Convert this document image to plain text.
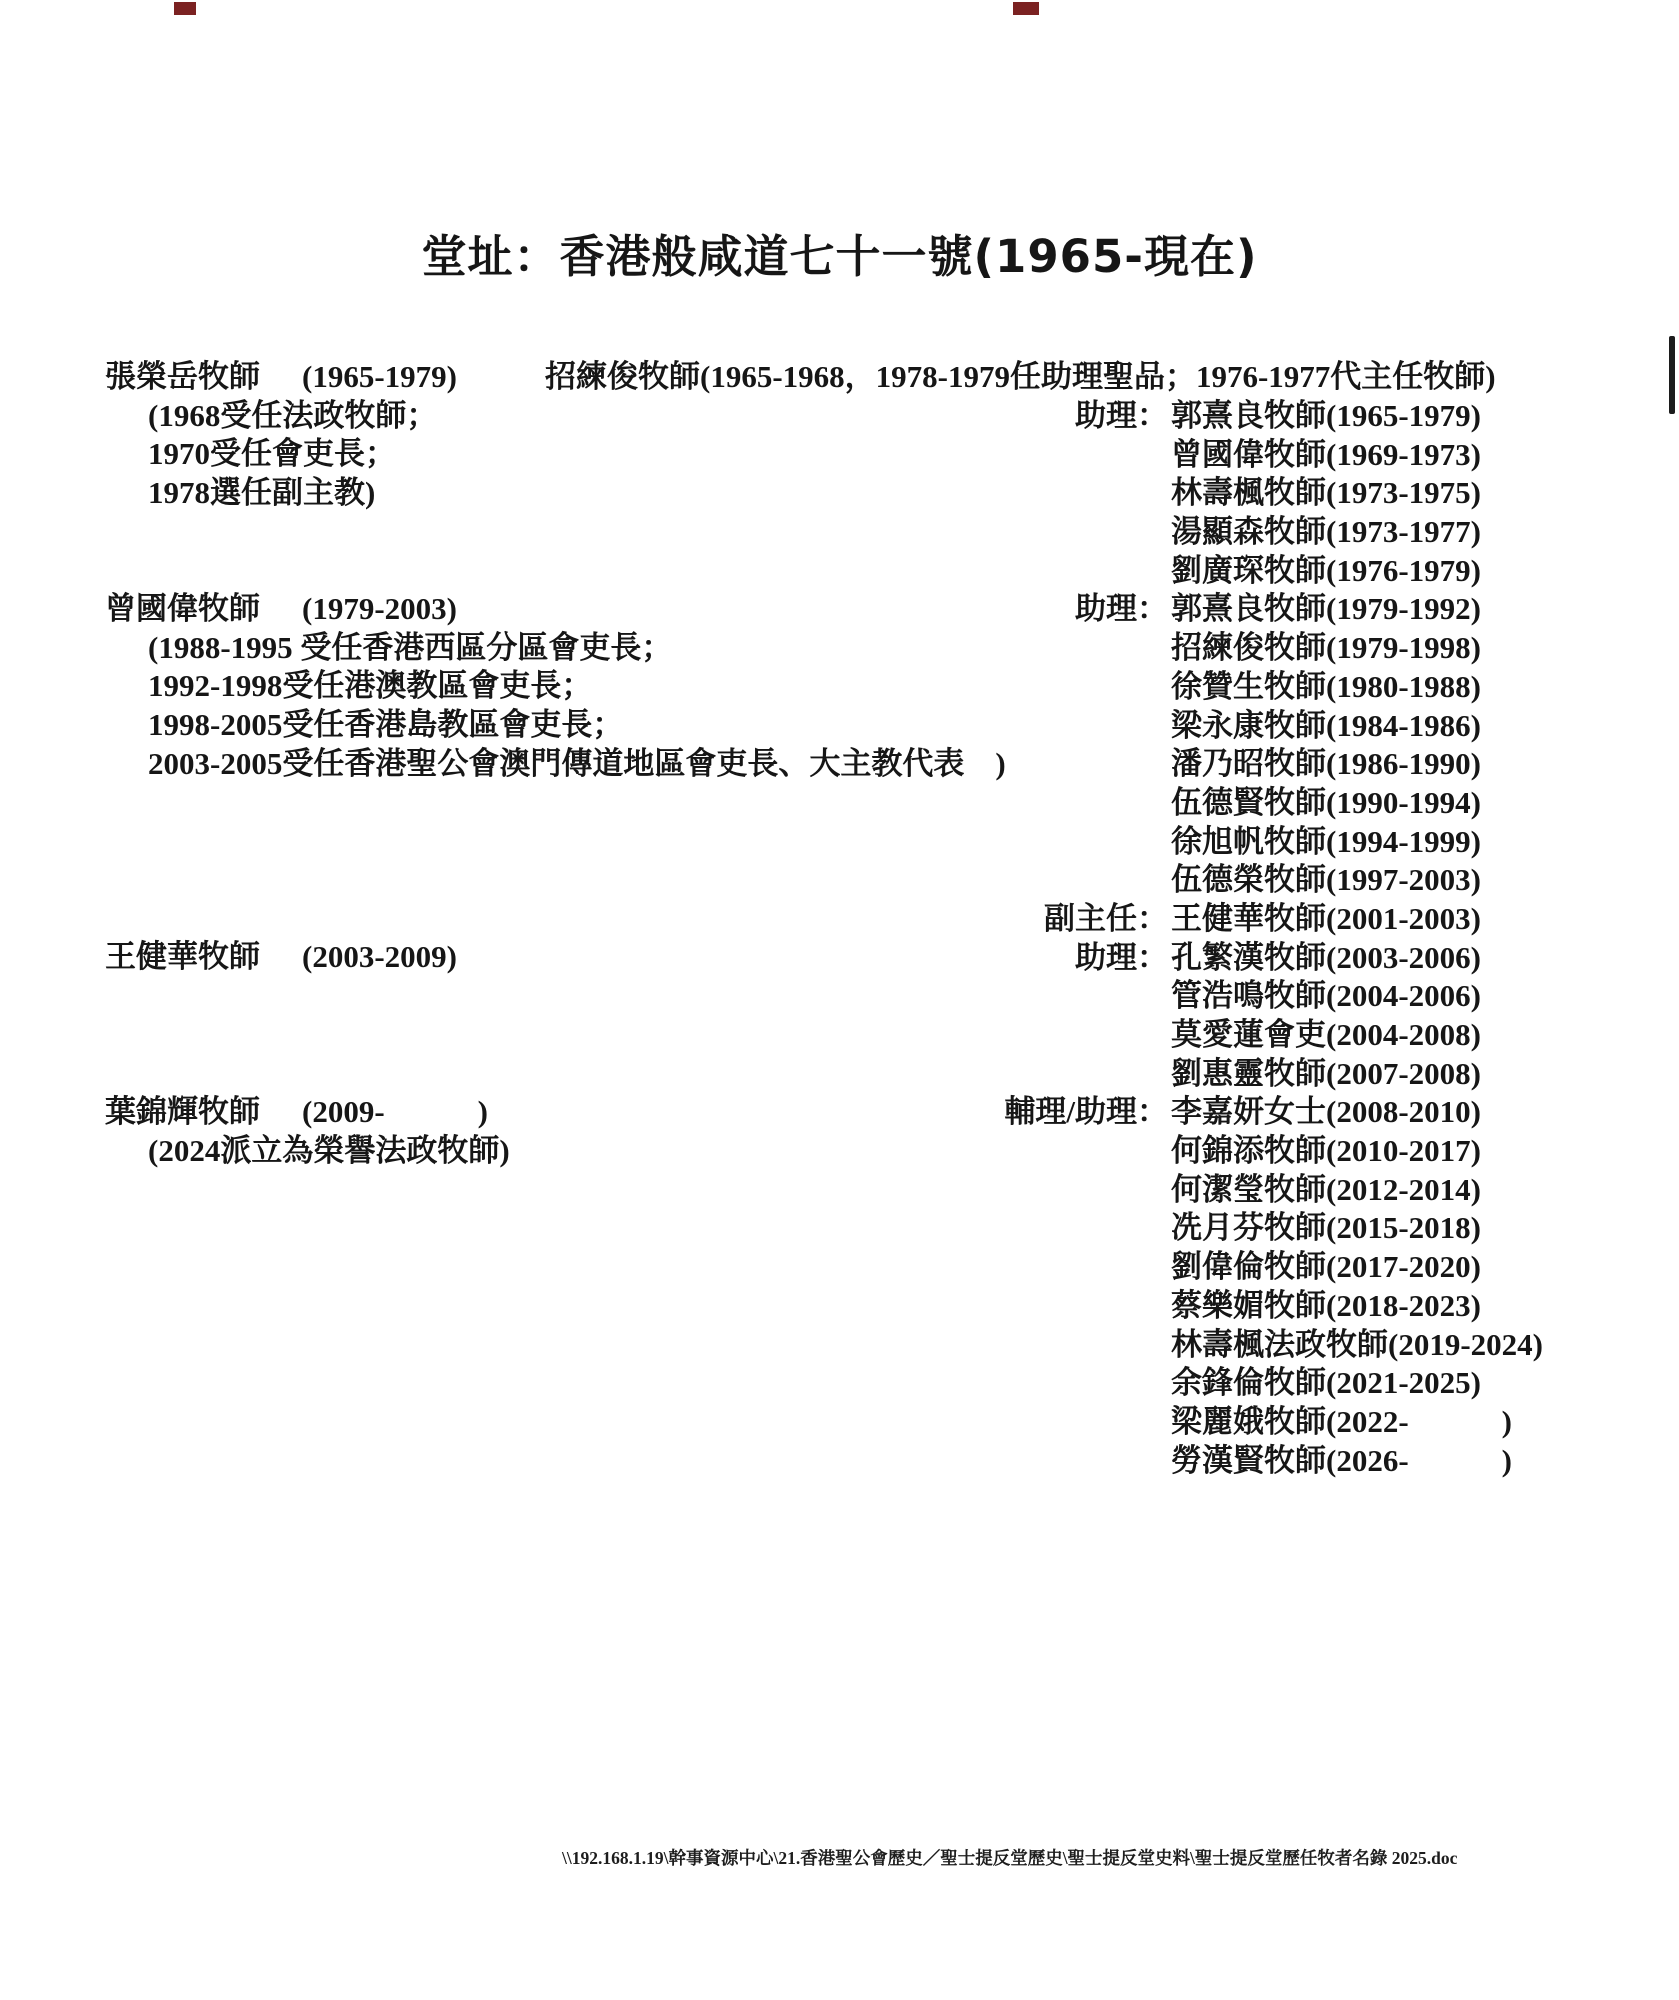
堂址：香港般咸道七十一號(1965-現在)
張榮岳牧師 (1965-1979)
(1968受任法政牧師；
1970受任會吏長；
1978選任副主教)
曾國偉牧師 (1979-2003)
(1988-1995 受任香港西區分區會吏長；
1992-1998受任港澳教區會吏長；
1998-2005受任香港島教區會吏長；
2003-2005受任香港聖公會澳門傳道地區會吏長、大主教代表　)
王健華牧師 (2003-2009)
葉錦輝牧師 (2009-　　　)
(2024派立為榮譽法政牧師)
招練俊牧師(1965-1968，1978-1979任助理聖品；1976-1977代主任牧師)
助理： 郭熹良牧師(1965-1979)
曾國偉牧師(1969-1973)
林壽楓牧師(1973-1975)
湯顯森牧師(1973-1977)
劉廣琛牧師(1976-1979)
助理： 郭熹良牧師(1979-1992)
招練俊牧師(1979-1998)
徐贊生牧師(1980-1988)
梁永康牧師(1984-1986)
潘乃昭牧師(1986-1990)
伍德賢牧師(1990-1994)
徐旭帆牧師(1994-1999)
伍德榮牧師(1997-2003)
副主任： 王健華牧師(2001-2003)
助理： 孔繁漢牧師(2003-2006)
管浩鳴牧師(2004-2006)
莫愛蓮會吏(2004-2008)
劉惠靈牧師(2007-2008)
輔理/助理： 李嘉妍女士(2008-2010)
何錦添牧師(2010-2017)
何潔瑩牧師(2012-2014)
冼月芬牧師(2015-2018)
劉偉倫牧師(2017-2020)
蔡樂媚牧師(2018-2023)
林壽楓法政牧師(2019-2024)
余鋒倫牧師(2021-2025)
梁麗娥牧師(2022-　　　)
勞漢賢牧師(2026-　　　)
\\192.168.1.19\幹事資源中心\21.香港聖公會歷史／聖士提反堂歷史\聖士提反堂史料\聖士提反堂歷任牧者名錄 2025.doc
